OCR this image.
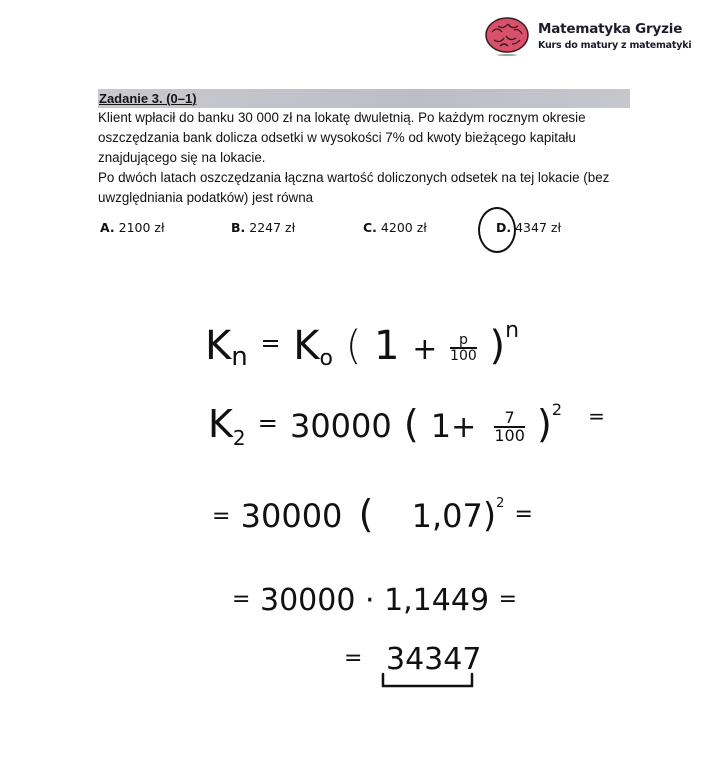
Matematyka Gryzie
Kurs do matury z matematyki
Zadanie 3. (0–1)
Klient wpłacił do banku 30 000 zł na lokatę dwuletnią. Po każdym rocznym okresie
oszczędzania bank dolicza odsetki w wysokości 7% od kwoty bieżącego kapitału
znajdującego się na lokacie.
Po dwóch latach oszczędzania łączna wartość doliczonych odsetek na tej lokacie (bez
uwzględniania podatków) jest równa
A. 2100 zł	B. 2247 zł	C. 4200 zł	D. 4347 zł
Kn = Ko ( $1 + \frac{p}{100} )^n$
$K_2 = 30000$ ( $1+ \frac{7}{100} )^2$ =
= 30000 ( 1,07)$^2$ =
= 30000 · 1,1449 =
= 34347
